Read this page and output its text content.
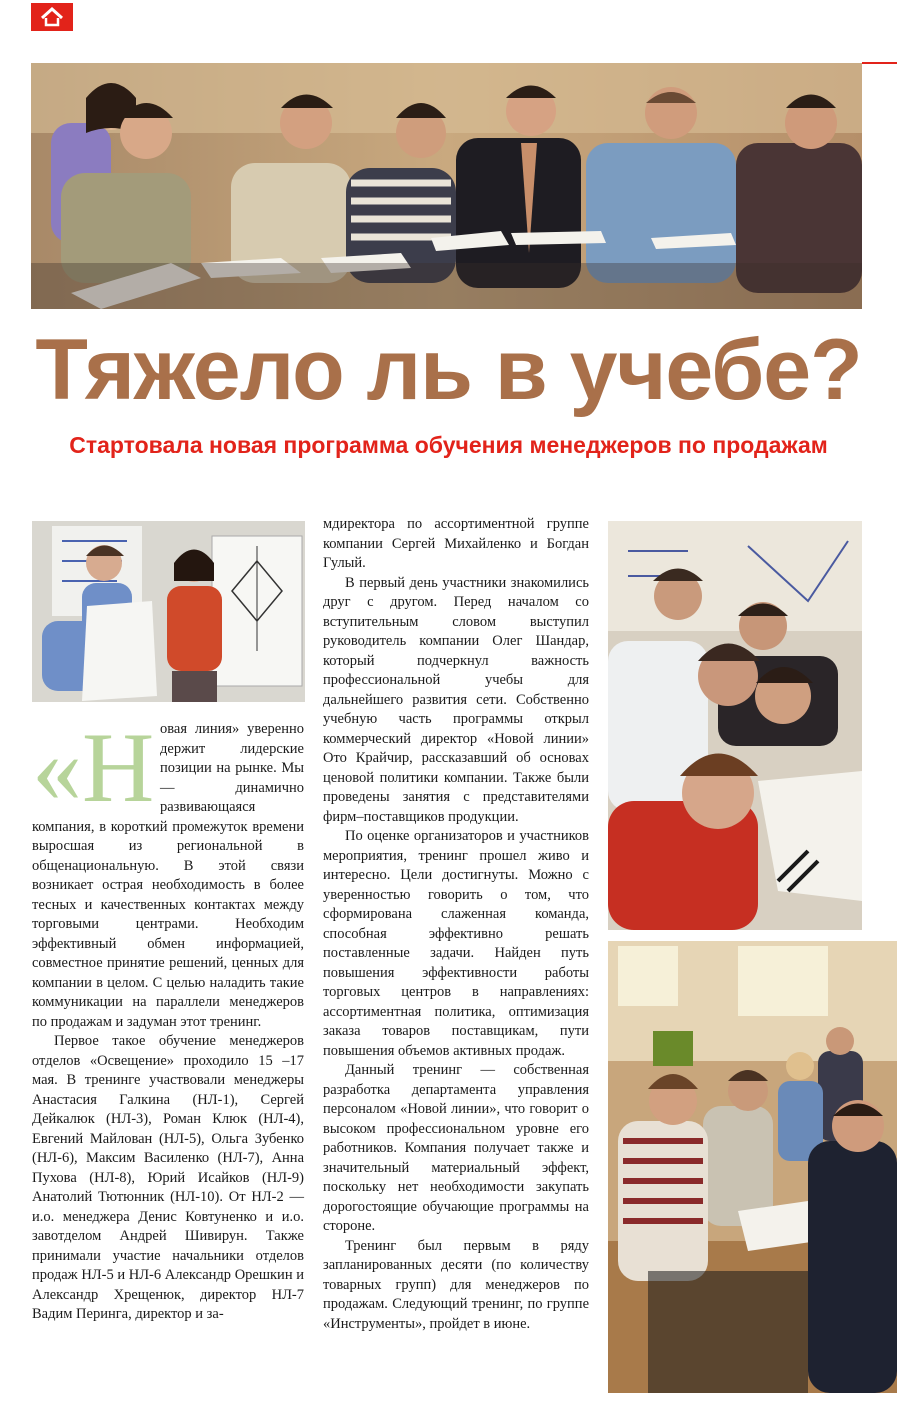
Тяжело ль в учебе?
Стартовала новая программа обучения менеджеров по продажам

«Новая линия» уверенно держит лидерские позиции на рынке. Мы — динамично развивающаяся компания, в короткий промежуток времени выросшая из региональной в общенациональную. В этой связи возникает острая необходимость в более тесных и качественных контактах между торговыми центрами. Необходим эффективный обмен информацией, совместное принятие решений, ценных для компании в целом. С целью наладить такие коммуникации на параллели менеджеров по продажам и задуман этот тренинг.

Первое такое обучение менеджеров отделов «Освещение» проходило 15 –17 мая. В тренинге участвовали менеджеры Анастасия Галкина (НЛ-1), Сергей Дейкалюк (НЛ-3), Роман Клюк (НЛ-4), Евгений Майлован (НЛ-5), Ольга Зубенко (НЛ-6), Максим Василенко (НЛ-7), Анна Пухова (НЛ-8), Юрий Исайков (НЛ-9) Анатолий Тютюнник (НЛ-10). От НЛ-2 — и.о. менеджера Денис Ковтуненко и и.о. завотделом Андрей Шивирун. Также принимали участие начальники отделов продаж НЛ-5 и НЛ-6 Александр Орешкин и Александр Хрещенюк, директор НЛ-7 Вадим Перинга, директор и за-

мдиректора по ассортиментной группе компании Сергей Михайленко и Богдан Гулый.

В первый день участники знакомились друг с другом. Перед началом со вступительным словом выступил руководитель компании Олег Шандар, который подчеркнул важность профессиональной учебы для дальнейшего развития сети. Собственно учебную часть программы открыл коммерческий директор «Новой линии» Ото Крайчир, рассказавший об основах ценовой политики компании. Также были проведены занятия с представителями фирм–поставщиков продукции.

По оценке организаторов и участников мероприятия, тренинг прошел живо и интересно. Цели достигнуты. Можно с уверенностью говорить о том, что сформирована слаженная команда, способная эффективно решать поставленные задачи. Найден путь повышения эффективности работы торговых центров в направлениях: ассортиментная политика, оптимизация заказа товаров поставщикам, пути повышения объемов активных продаж.

Данный тренинг — собственная разработка департамента управления персоналом «Новой линии», что говорит о высоком профессиональном уровне его работников. Компания получает также и значительный материальный эффект, поскольку нет необходимости закупать дорогостоящие обучающие программы на стороне.

Тренинг был первым в ряду запланированных десяти (по количеству товарных групп) для менеджеров по продажам. Следующий тренинг, по группе «Инструменты», пройдет в июне.
